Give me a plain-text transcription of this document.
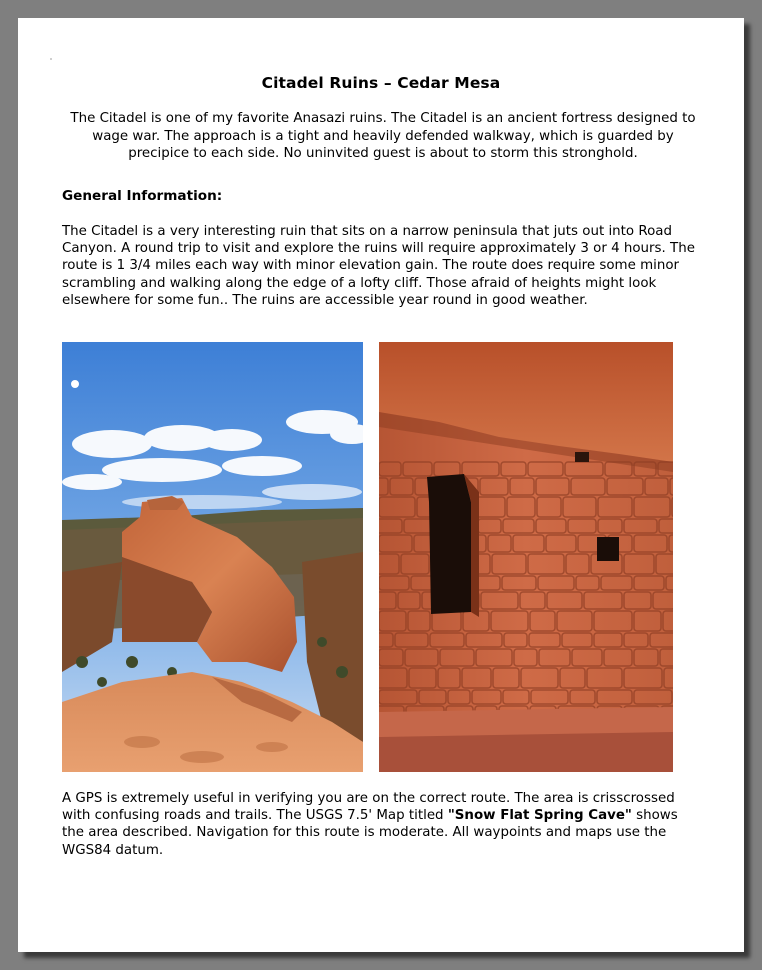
Citadel Ruins – Cedar Mesa

The Citadel is one of my favorite Anasazi ruins. The Citadel is an ancient fortress designed to wage war. The approach is a tight and heavily defended walkway, which is guarded by precipice to each side. No uninvited guest is about to storm this stronghold.

General Information:

The Citadel is a very interesting ruin that sits on a narrow peninsula that juts out into Road Canyon. A round trip to visit and explore the ruins will require approximately 3 or 4 hours. The route is 1 3/4 miles each way with minor elevation gain. The route does require some minor scrambling and walking along the edge of a lofty cliff. Those afraid of heights might look elsewhere for some fun.. The ruins are accessible year round in good weather.

A GPS is extremely useful in verifying you are on the correct route. The area is crisscrossed with confusing roads and trails. The USGS 7.5' Map titled "Snow Flat Spring Cave" shows the area described. Navigation for this route is moderate. All waypoints and maps use the WGS84 datum.
